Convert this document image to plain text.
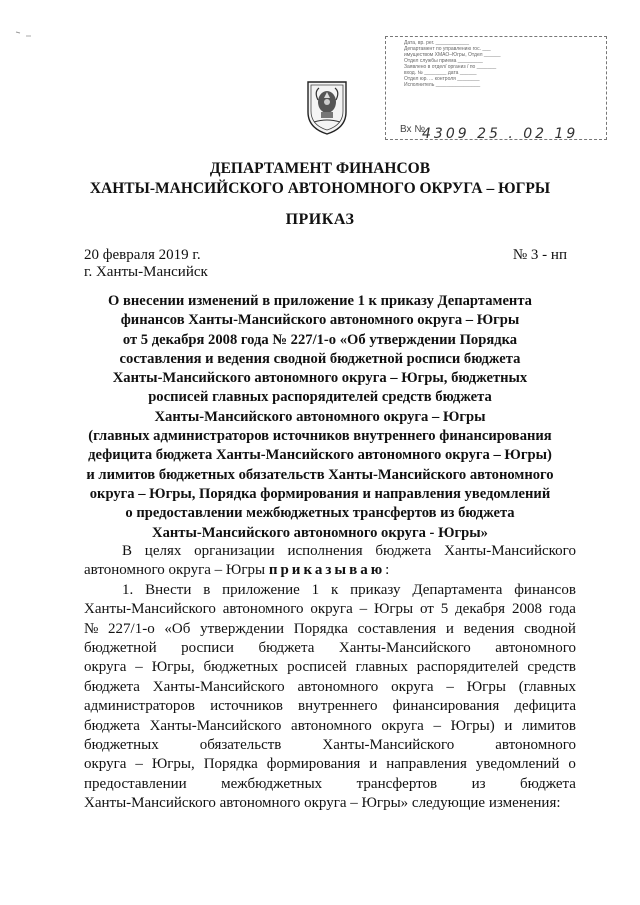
Дата, вр. рег. ____________
Департамент по управлению гос. ___
имуществом ХМАО–Югры, Отдел ______
Отдел службы приема _________
Заявлено в отдел/ организ / по _______
вход. № ________ дата ______
Отдел юр. ... контроля ________
Исполнитель ________________
Вх №
4309 25 . 02 19
ДЕПАРТАМЕНТ ФИНАНСОВ
ХАНТЫ-МАНСИЙСКОГО АВТОНОМНОГО ОКРУГА – ЮГРЫ
ПРИКАЗ
20 февраля 2019 г.	№ 3 - нп
г. Ханты-Мансийск
О внесении изменений в приложение 1 к приказу Департамента
финансов Ханты-Мансийского автономного округа – Югры
от 5 декабря 2008 года № 227/1-о «Об утверждении Порядка
составления и ведения сводной бюджетной росписи бюджета
Ханты-Мансийского автономного округа – Югры, бюджетных
росписей главных распорядителей средств бюджета
Ханты-Мансийского автономного округа – Югры
(главных администраторов источников внутреннего финансирования
дефицита бюджета Ханты-Мансийского автономного округа – Югры)
и лимитов бюджетных обязательств Ханты-Мансийского автономного
округа – Югры, Порядка формирования и направления уведомлений
о предоставлении межбюджетных трансфертов из бюджета
Ханты-Мансийского автономного округа - Югры»
В целях организации исполнения бюджета Ханты-Мансийского
автономного округа – Югры
приказываю :
1. Внести в приложение 1 к приказу Департамента финансов
Ханты-Мансийского автономного округа – Югры от 5 декабря 2008 года
№ 227/1-о «Об утверждении Порядка составления и ведения сводной
бюджетной росписи бюджета Ханты-Мансийского автономного
округа – Югры, бюджетных росписей главных распорядителей средств
бюджета Ханты-Мансийского автономного округа – Югры (главных
администраторов источников внутреннего финансирования дефицита
бюджета Ханты-Мансийского автономного округа – Югры) и лимитов
бюджетных	обязательств	Ханты-Мансийского	автономного
округа – Югры, Порядка формирования и направления уведомлений о
предоставлении межбюджетных трансфертов из бюджета
Ханты-Мансийского автономного округа – Югры» следующие изменения:
